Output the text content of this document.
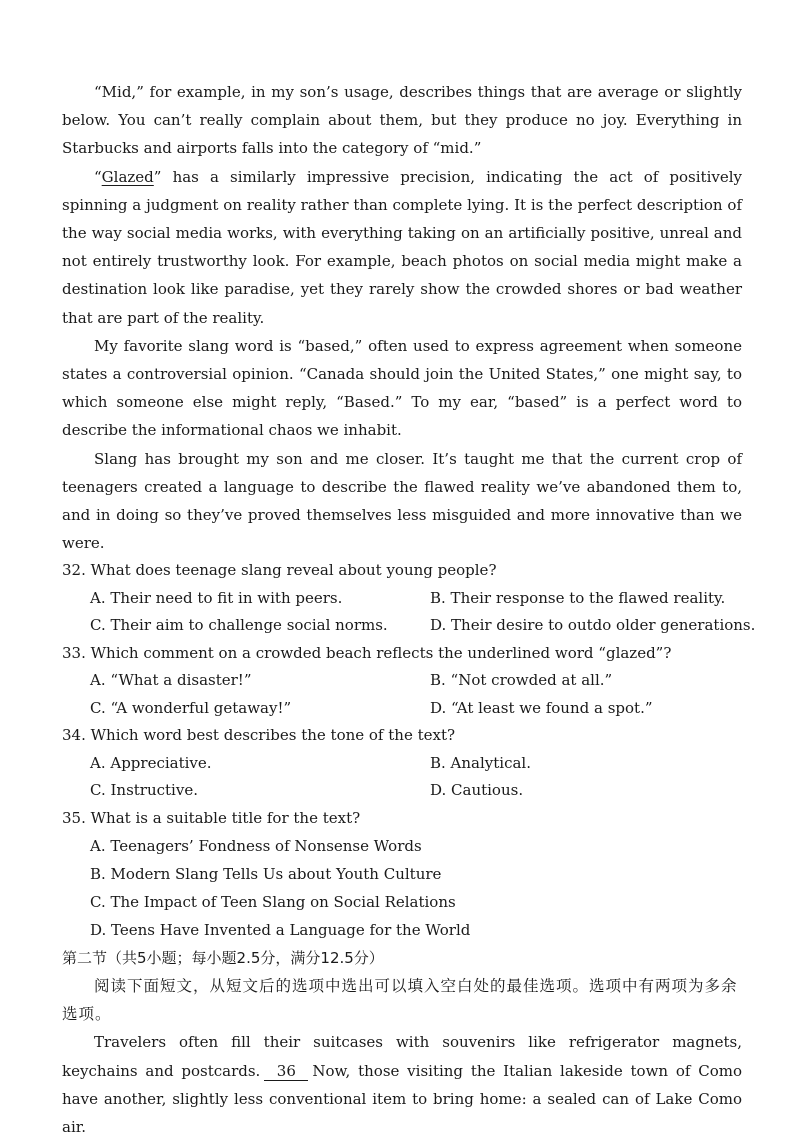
“Mid,” for example, in my son’s usage, describes things that are average or slightly below. You can’t really complain about them, but they produce no joy. Everything in Starbucks and airports falls into the category of “mid.”

“Glazed” has a similarly impressive precision, indicating the act of positively spinning a judgment on reality rather than complete lying. It is the perfect description of the way social media works, with everything taking on an artificially positive, unreal and not entirely trustworthy look. For example, beach photos on social media might make a destination look like paradise, yet they rarely show the crowded shores or bad weather that are part of the reality.

My favorite slang word is “based,” often used to express agreement when someone states a controversial opinion. “Canada should join the United States,” one might say, to which someone else might reply, “Based.” To my ear, “based” is a perfect word to describe the informational chaos we inhabit.

Slang has brought my son and me closer. It’s taught me that the current crop of teenagers created a language to describe the flawed reality we’ve abandoned them to, and in doing so they’ve proved themselves less misguided and more innovative than we were.

32. What does teenage slang reveal about young people?

A. Their need to fit in with peers.	B. Their response to the flawed reality.
C. Their aim to challenge social norms.	D. Their desire to outdo older generations.

33. Which comment on a crowded beach reflects the underlined word “glazed”?

A. “What a disaster!”	B. “Not crowded at all.”
C. “A wonderful getaway!”	D. “At least we found a spot.”

34. Which word best describes the tone of the text?

A. Appreciative.	B. Analytical.
C. Instructive.	D. Cautious.

35. What is a suitable title for the text?

A. Teenagers’ Fondness of Nonsense Words
B. Modern Slang Tells Us about Youth Culture
C. The Impact of Teen Slang on Social Relations
D. Teens Have Invented a Language for the World

第二节（共5小题；每小题2.5分，满分12.5分）

阅读下面短文，从短文后的选项中选出可以填入空白处的最佳选项。选项中有两项为多余选项。

Travelers often fill their suitcases with souvenirs like refrigerator magnets, keychains and postcards. 36 Now, those visiting the Italian lakeside town of Como have another, slightly less conventional item to bring home: a sealed can of Lake Como air.
